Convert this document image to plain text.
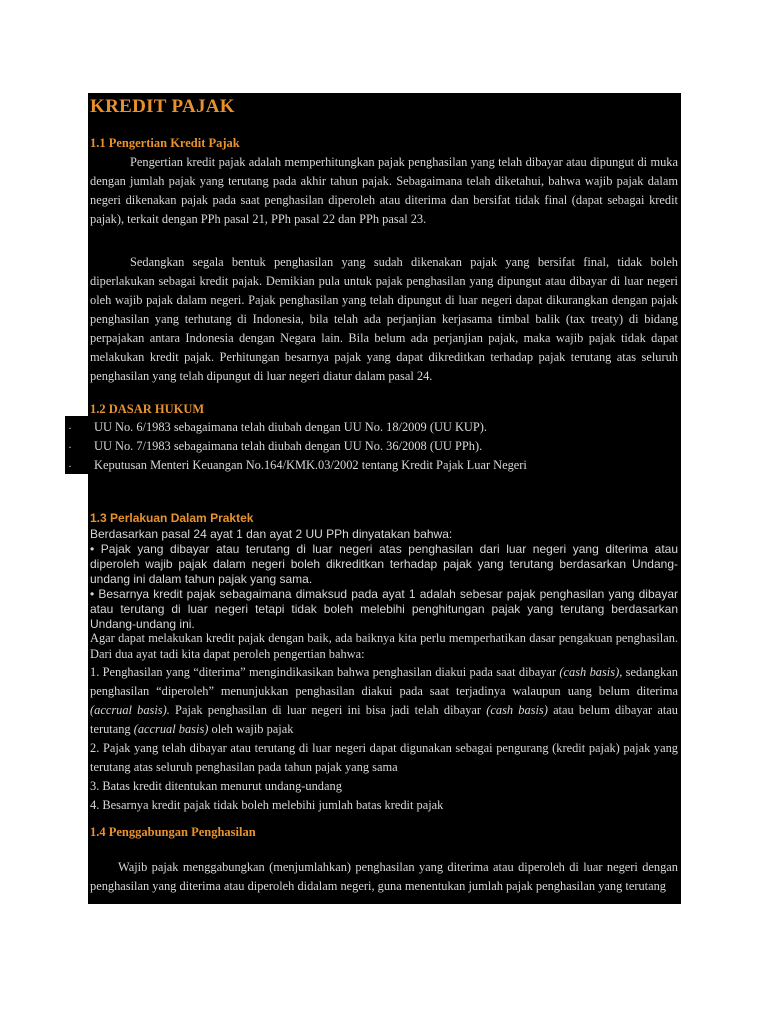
·
·
·
KREDIT PAJAK
1.1 Pengertian Kredit Pajak

Pengertian kredit pajak adalah memperhitungkan pajak penghasilan yang telah dibayar atau dipungut di muka dengan jumlah pajak yang terutang pada akhir tahun pajak. Sebagaimana telah diketahui, bahwa wajib pajak dalam negeri dikenakan pajak pada saat penghasilan diperoleh atau diterima dan bersifat tidak final (dapat sebagai kredit pajak), terkait dengan PPh pasal 21, PPh pasal 22 dan PPh pasal 23.

Sedangkan segala bentuk penghasilan yang sudah dikenakan pajak yang bersifat final, tidak boleh diperlakukan sebagai kredit pajak. Demikian pula untuk pajak penghasilan yang dipungut atau dibayar di luar negeri oleh wajib pajak dalam negeri. Pajak penghasilan yang telah dipungut di luar negeri dapat dikurangkan dengan pajak penghasilan yang terhutang di Indonesia, bila telah ada perjanjian kerjasama timbal balik (tax treaty) di bidang perpajakan antara Indonesia dengan Negara lain. Bila belum ada perjanjian pajak, maka wajib pajak tidak dapat melakukan kredit pajak. Perhitungan besarnya pajak yang dapat dikreditkan terhadap pajak terutang atas seluruh penghasilan yang telah dipungut di luar negeri diatur dalam pasal 24.

1.2 DASAR HUKUM

UU No. 6/1983 sebagaimana telah diubah dengan UU No. 18/2009 (UU KUP).

UU No. 7/1983 sebagaimana telah diubah dengan UU No. 36/2008 (UU PPh).

Keputusan Menteri Keuangan No.164/KMK.03/2002 tentang Kredit Pajak Luar Negeri

1.3 Perlakuan Dalam Praktek

Berdasarkan pasal 24 ayat 1 dan ayat 2 UU PPh dinyatakan bahwa:

• Pajak yang dibayar atau terutang di luar negeri atas penghasilan dari luar negeri yang diterima atau diperoleh wajib pajak dalam negeri boleh dikreditkan terhadap pajak yang terutang berdasarkan Undang-undang ini dalam tahun pajak yang sama.

• Besarnya kredit pajak sebagaimana dimaksud pada ayat 1 adalah sebesar pajak penghasilan yang dibayar atau terutang di luar negeri tetapi tidak boleh melebihi penghitungan pajak yang terutang berdasarkan Undang-undang ini.

Agar dapat melakukan kredit pajak dengan baik, ada baiknya kita perlu memperhatikan dasar pengakuan penghasilan. Dari dua ayat tadi kita dapat peroleh pengertian bahwa:

1. Penghasilan yang “diterima” mengindikasikan bahwa penghasilan diakui pada saat dibayar (cash basis), sedangkan penghasilan “diperoleh” menunjukkan penghasilan diakui pada saat terjadinya walaupun uang belum diterima (accrual basis). Pajak penghasilan di luar negeri ini bisa jadi telah dibayar (cash basis) atau belum dibayar atau terutang (accrual basis) oleh wajib pajak

2. Pajak yang telah dibayar atau terutang di luar negeri dapat digunakan sebagai pengurang (kredit pajak) pajak yang terutang atas seluruh penghasilan pada tahun pajak yang sama

3. Batas kredit ditentukan menurut undang-undang

4. Besarnya kredit pajak tidak boleh melebihi jumlah batas kredit pajak

1.4 Penggabungan Penghasilan

Wajib pajak menggabungkan (menjumlahkan) penghasilan yang diterima atau diperoleh di luar negeri dengan penghasilan yang diterima atau diperoleh didalam negeri, guna menentukan jumlah pajak penghasilan yang terutang
